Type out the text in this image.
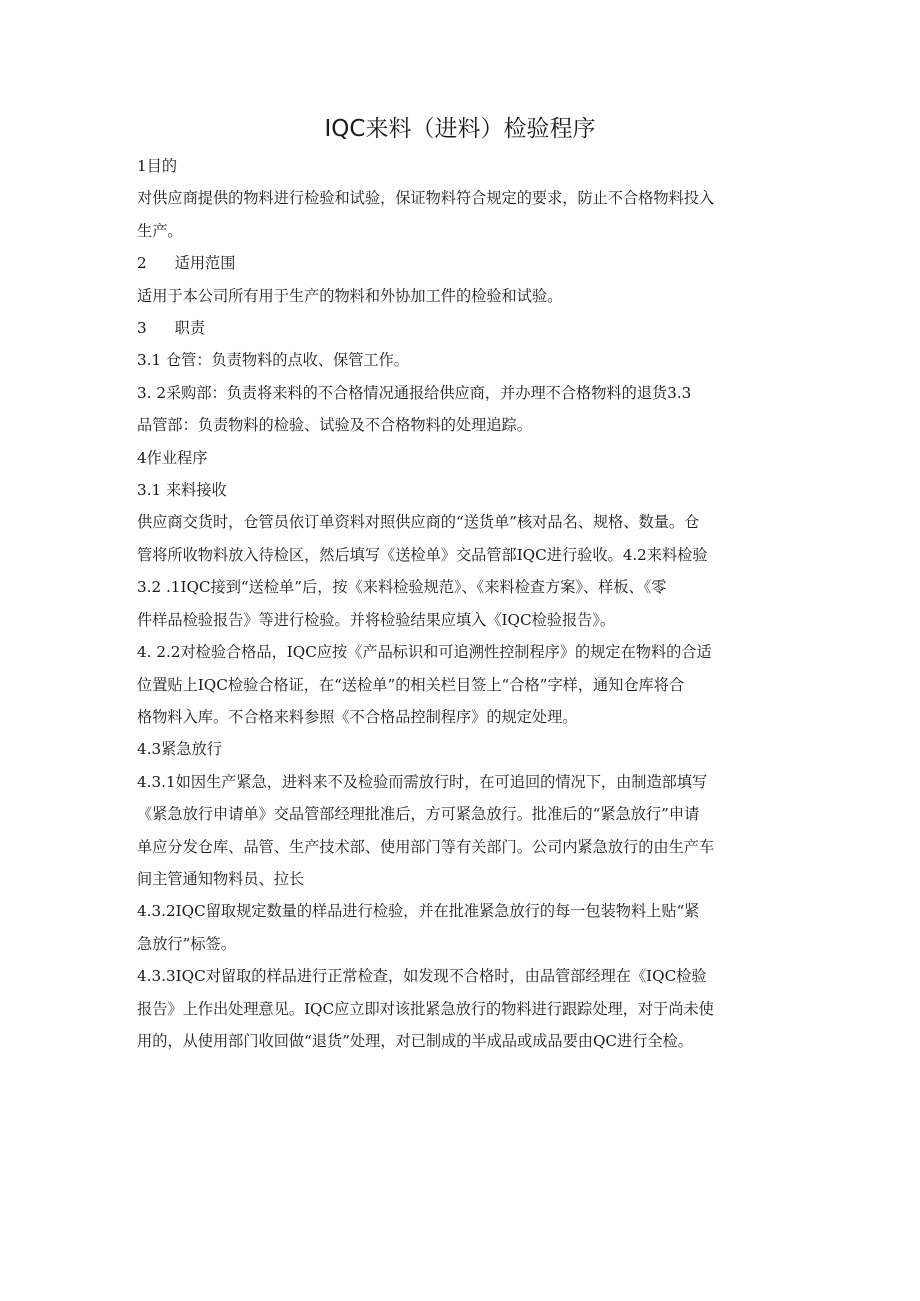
IQC来料（进料）检验程序

1目的

对供应商提供的物料进行检验和试验，保证物料符合规定的要求，防止不合格物料投入

生产。

2 适用范围

适用于本公司所有用于生产的物料和外协加工件的检验和试验。

3 职责

3.1 仓管：负责物料的点收、保管工作。

3. 2采购部：负责将来料的不合格情况通报给供应商，并办理不合格物料的退货3.3

品管部：负责物料的检验、试验及不合格物料的处理追踪。

4作业程序

3.1 来料接收

供应商交货时，仓管员依订单资料对照供应商的“送货单”核对品名、规格、数量。仓

管将所收物料放入待检区，然后填写《送检单》交品管部IQC进行验收。4.2来料检验

3.2 .1IQC接到“送检单”后，按《来料检验规范》、《来料检查方案》、样板、《零

件样品检验报告》等进行检验。并将检验结果应填入《IQC检验报告》。

4. 2.2对检验合格品，IQC应按《产品标识和可追溯性控制程序》的规定在物料的合适

位置贴上IQC检验合格证，在“送检单”的相关栏目签上“合格”字样，通知仓库将合

格物料入库。不合格来料参照《不合格品控制程序》的规定处理。

4.3紧急放行

4.3.1如因生产紧急，进料来不及检验而需放行时，在可追回的情况下，由制造部填写

《紧急放行申请单》交品管部经理批准后，方可紧急放行。批准后的“紧急放行”申请

单应分发仓库、品管、生产技术部、使用部门等有关部门。公司内紧急放行的由生产车

间主管通知物料员、拉长

4.3.2IQC留取规定数量的样品进行检验，并在批准紧急放行的每一包装物料上贴“紧

急放行”标签。

4.3.3IQC对留取的样品进行正常检查，如发现不合格时，由品管部经理在《IQC检验

报告》上作出处理意见。IQC应立即对该批紧急放行的物料进行跟踪处理，对于尚未使

用的，从使用部门收回做“退货”处理，对已制成的半成品或成品要由QC进行全检。
